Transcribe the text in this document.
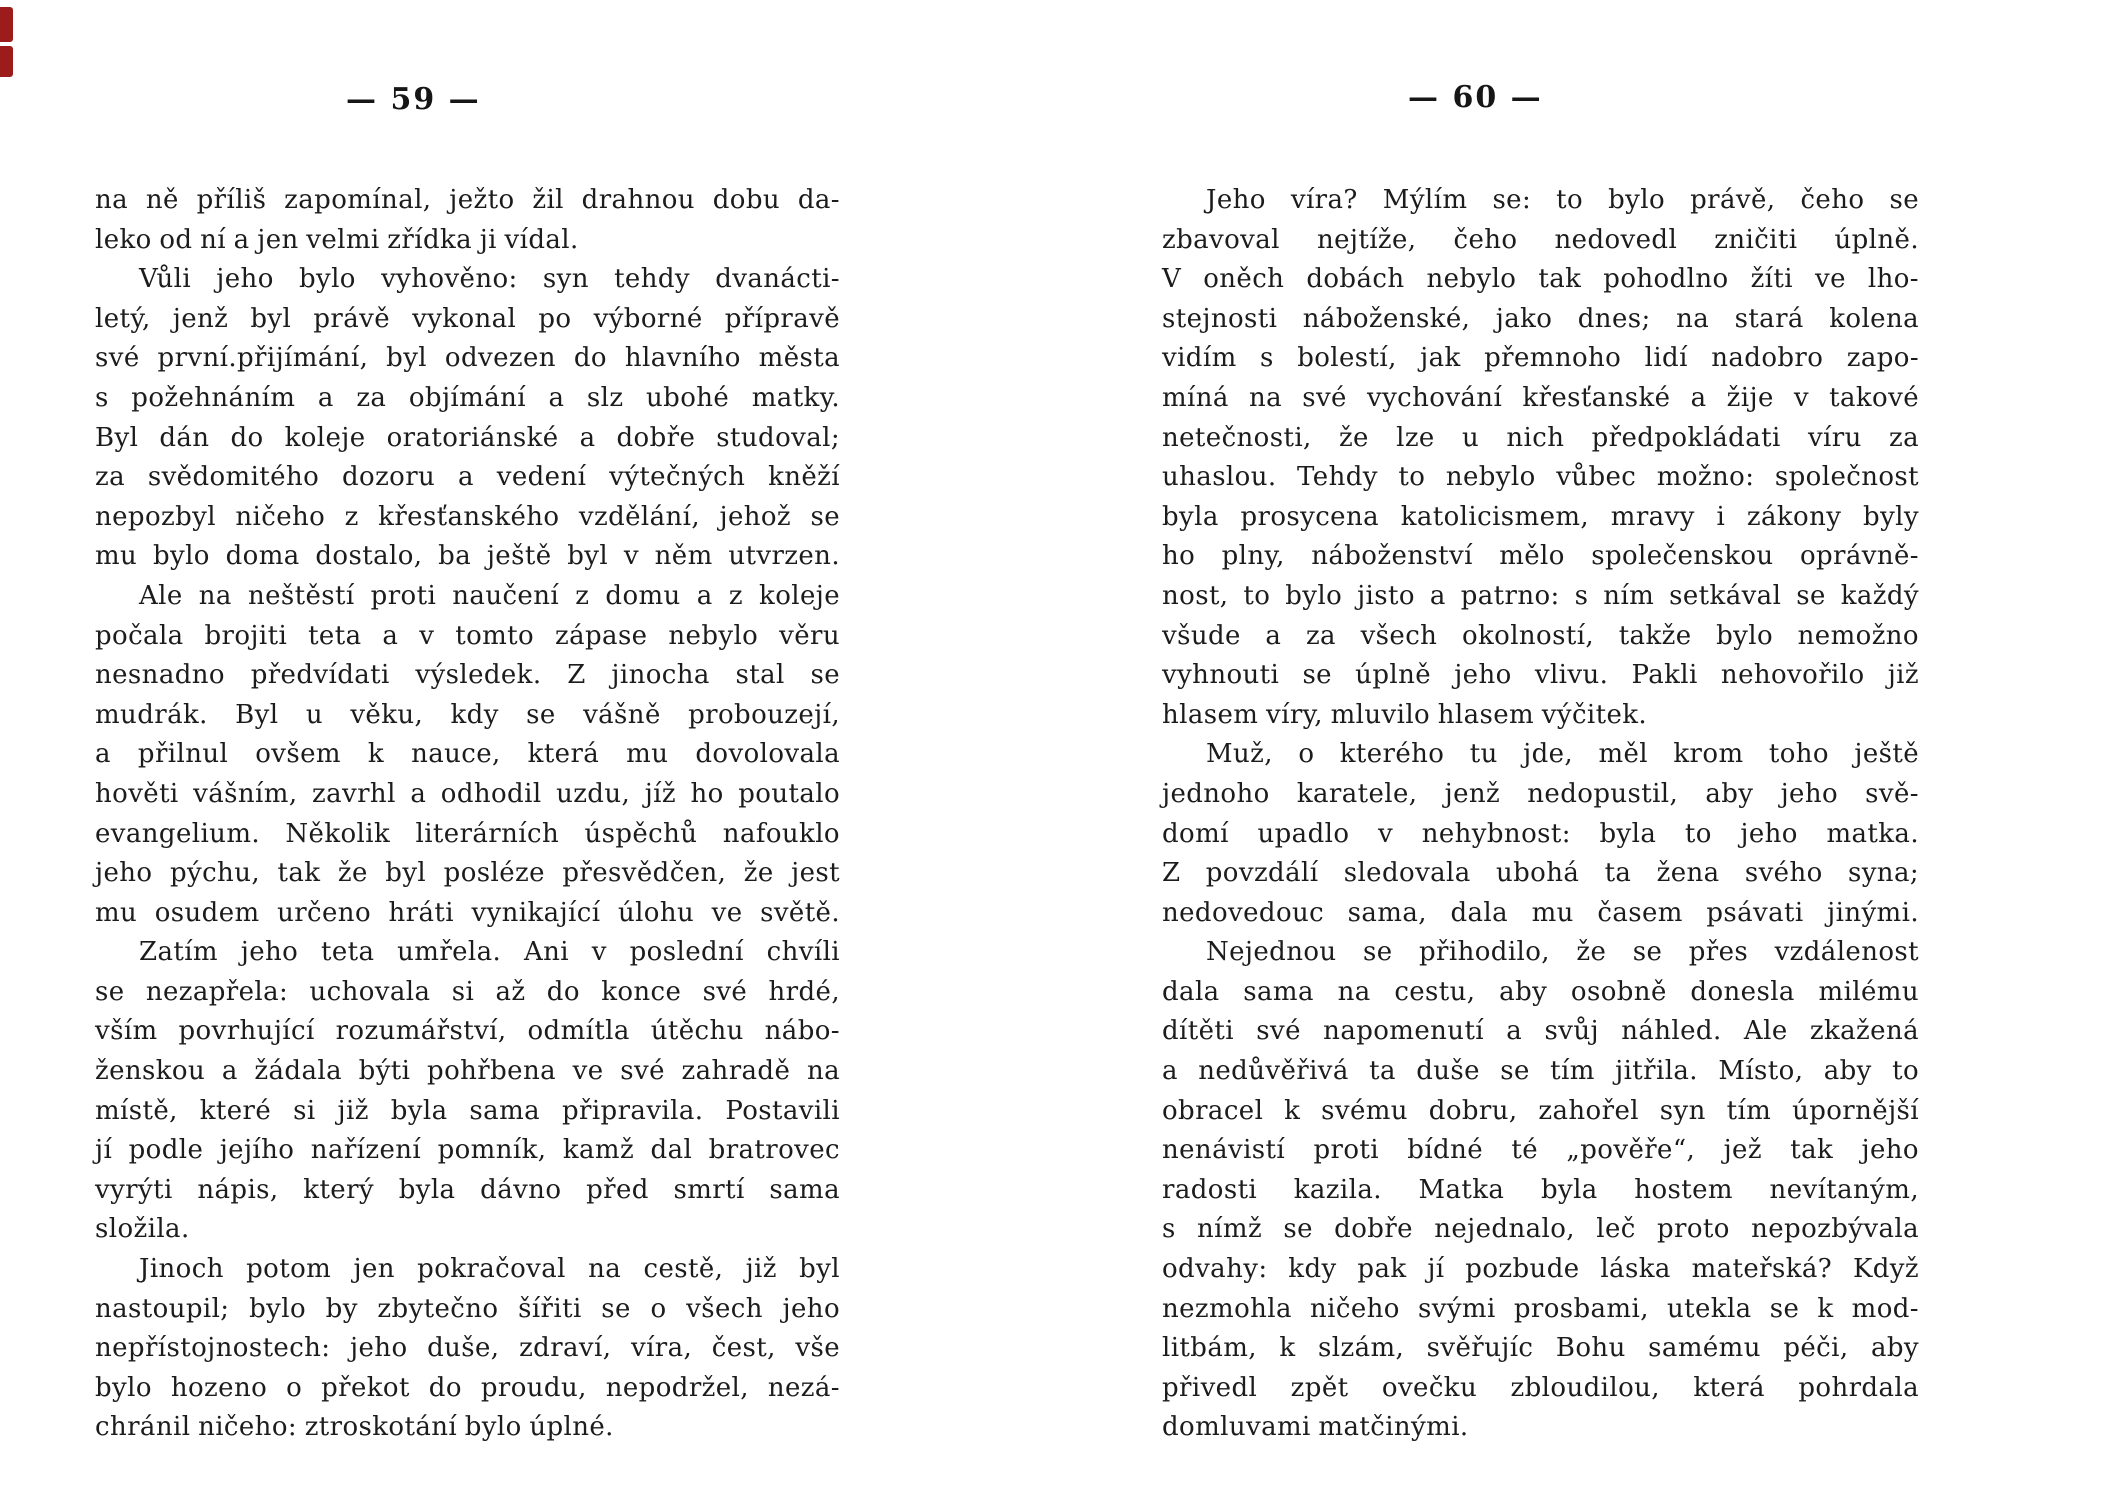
— 59 —	— 60 —
na ně příliš zapomínal, ježto žil drahnou dobu da-
leko od ní a jen velmi zřídka ji vídal.
Vůli jeho bylo vyhověno: syn tehdy dvanácti-
letý, jenž byl právě vykonal po výborné přípravě
své první.přijímání, byl odvezen do hlavního města
s požehnáním a za objímání a slz ubohé matky.
Byl dán do koleje oratoriánské a dobře studoval;
za svědomitého dozoru a vedení výtečných kněží
nepozbyl ničeho z křesťanského vzdělání, jehož se
mu bylo doma dostalo, ba ještě byl v něm utvrzen.
Ale na neštěstí proti naučení z domu a z koleje
počala brojiti teta a v tomto zápase nebylo věru
nesnadno předvídati výsledek. Z jinocha stal se
mudrák. Byl u věku, kdy se vášně probouzejí,
a přilnul ovšem k nauce, která mu dovolovala
hověti vášním, zavrhl a odhodil uzdu, jíž ho poutalo
evangelium. Několik literárních úspěchů nafouklo
jeho pýchu, tak že byl posléze přesvědčen, že jest
mu osudem určeno hráti vynikající úlohu ve světě.
Zatím jeho teta umřela. Ani v poslední chvíli
se nezapřela: uchovala si až do konce své hrdé,
vším povrhující rozumářství, odmítla útěchu nábo-
ženskou a žádala býti pohřbena ve své zahradě na
místě, které si již byla sama připravila. Postavili
jí podle jejího nařízení pomník, kamž dal bratrovec
vyrýti nápis, který byla dávno před smrtí sama
složila.
Jinoch potom jen pokračoval na cestě, již byl
nastoupil; bylo by zbytečno šířiti se o všech jeho
nepřístojnostech: jeho duše, zdraví, víra, čest, vše
bylo hozeno o překot do proudu, nepodržel, nezá-
chránil ničeho: ztroskotání bylo úplné.
Jeho víra? Mýlím se: to bylo právě, čeho se
zbavoval nejtíže, čeho nedovedl zničiti úplně.
V oněch dobách nebylo tak pohodlno žíti ve lho-
stejnosti náboženské, jako dnes; na stará kolena
vidím s bolestí, jak přemnoho lidí nadobro zapo-
míná na své vychování křesťanské a žije v takové
netečnosti, že lze u nich předpokládati víru za
uhaslou. Tehdy to nebylo vůbec možno: společnost
byla prosycena katolicismem, mravy i zákony byly
ho plny, náboženství mělo společenskou oprávně-
nost, to bylo jisto a patrno: s ním setkával se každý
všude a za všech okolností, takže bylo nemožno
vyhnouti se úplně jeho vlivu. Pakli nehovořilo již
hlasem víry, mluvilo hlasem výčitek.
Muž, o kterého tu jde, měl krom toho ještě
jednoho karatele, jenž nedopustil, aby jeho svě-
domí upadlo v nehybnost: byla to jeho matka.
Z povzdálí sledovala ubohá ta žena svého syna;
nedovedouc sama, dala mu časem psávati jinými.
Nejednou se přihodilo, že se přes vzdálenost
dala sama na cestu, aby osobně donesla milému
dítěti své napomenutí a svůj náhled. Ale zkažená
a nedůvěřivá ta duše se tím jitřila. Místo, aby to
obracel k svému dobru, zahořel syn tím úpornější
nenávistí proti bídné té „pověře“, jež tak jeho
radosti kazila. Matka byla hostem nevítaným,
s nímž se dobře nejednalo, leč proto nepozbývala
odvahy: kdy pak jí pozbude láska mateřská? Když
nezmohla ničeho svými prosbami, utekla se k mod-
litbám, k slzám, svěřujíc Bohu samému péči, aby
přivedl zpět ovečku zbloudilou, která pohrdala
domluvami matčinými.
